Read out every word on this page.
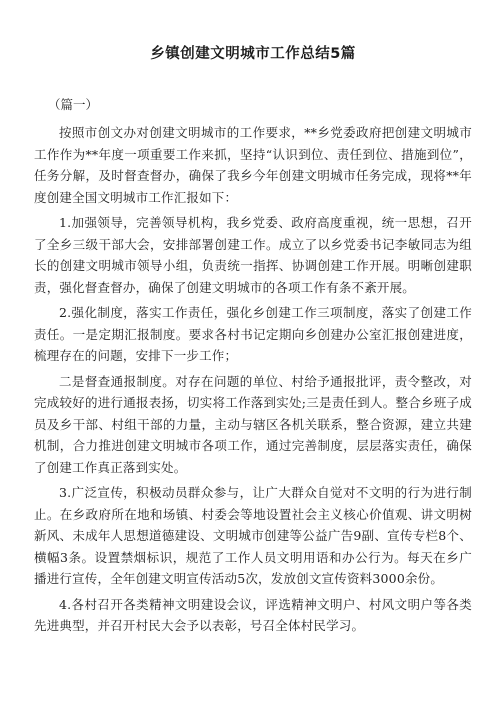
乡镇创建文明城市工作总结5篇
（篇一）

按照市创文办对创建文明城市的工作要求，**乡党委政府把创建文明城市工作作为**年度一项重要工作来抓，坚持“认识到位、责任到位、措施到位”，任务分解，及时督查督办，确保了我乡今年创建文明城市任务完成，现将**年度创建全国文明城市工作汇报如下：

1.加强领导，完善领导机构，我乡党委、政府高度重视，统一思想，召开了全乡三级干部大会，安排部署创建工作。成立了以乡党委书记李敏同志为组长的创建文明城市领导小组，负责统一指挥、协调创建工作开展。明晰创建职责，强化督查督办，确保了创建文明城市的各项工作有条不紊开展。

2.强化制度，落实工作责任，强化乡创建工作三项制度，落实了创建工作责任。一是定期汇报制度。要求各村书记定期向乡创建办公室汇报创建进度，梳理存在的问题，安排下一步工作；

二是督查通报制度。对存在问题的单位、村给予通报批评，责令整改，对完成较好的进行通报表扬，切实将工作落到实处;三是责任到人。整合乡班子成员及乡干部、村组干部的力量，主动与辖区各机关联系，整合资源，建立共建机制，合力推进创建文明城市各项工作，通过完善制度，层层落实责任，确保了创建工作真正落到实处。

3.广泛宣传，积极动员群众参与，让广大群众自觉对不文明的行为进行制止。在乡政府所在地和场镇、村委会等地设置社会主义核心价值观、讲文明树新风、未成年人思想道德建设、文明城市创建等公益广告9副、宣传专栏8个、横幅3条。设置禁烟标识，规范了工作人员文明用语和办公行为。每天在乡广播进行宣传，全年创建文明宣传活动5次，发放创文宣传资料3000余份。

4.各村召开各类精神文明建设会议，评选精神文明户、村风文明户等各类先进典型，并召开村民大会予以表彰，号召全体村民学习。
